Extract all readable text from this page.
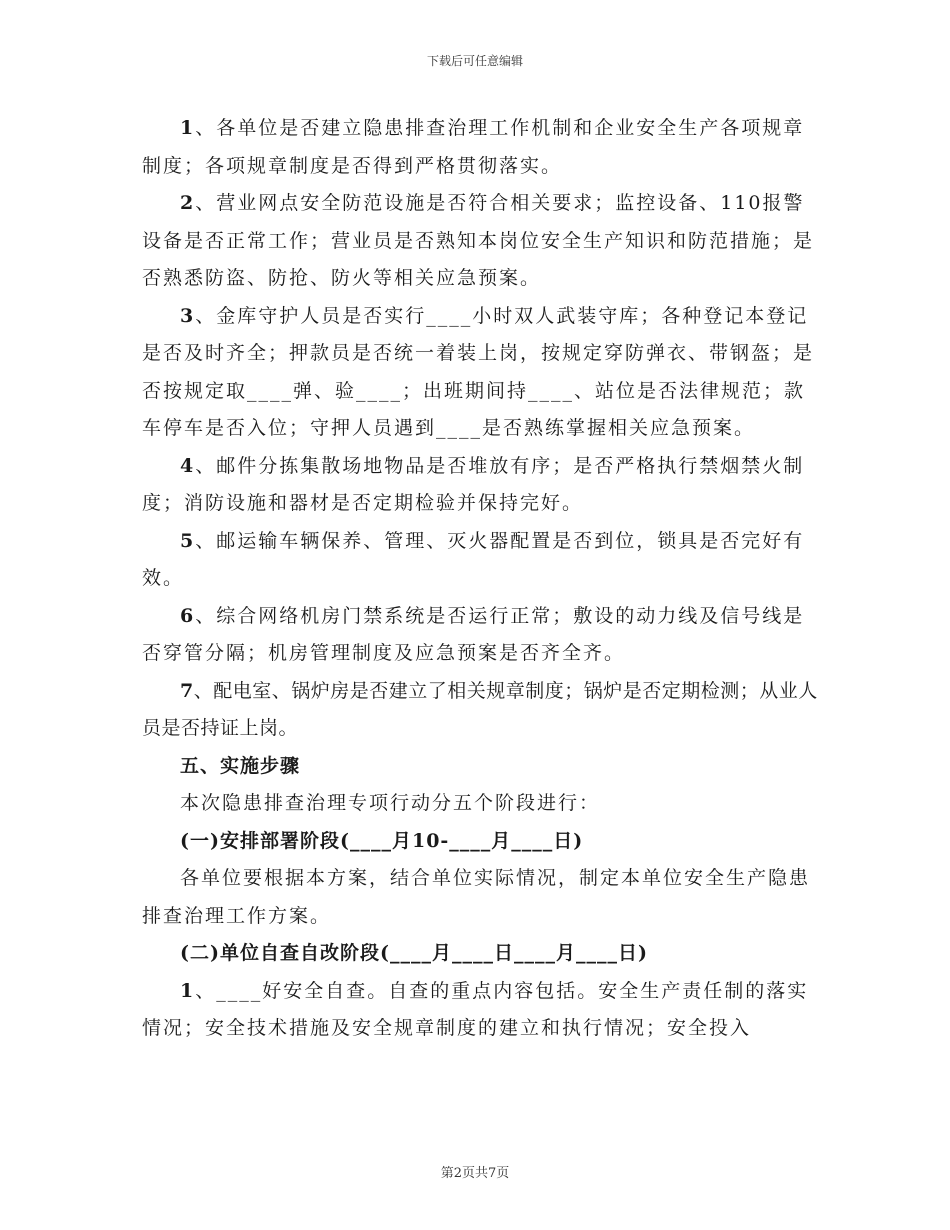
下载后可任意编辑

1、各单位是否建立隐患排查治理工作机制和企业安全生产各项规章制度；各项规章制度是否得到严格贯彻落实。

2、营业网点安全防范设施是否符合相关要求；监控设备、110报警设备是否正常工作；营业员是否熟知本岗位安全生产知识和防范措施；是否熟悉防盗、防抢、防火等相关应急预案。

3、金库守护人员是否实行____小时双人武装守库；各种登记本登记是否及时齐全；押款员是否统一着装上岗，按规定穿防弹衣、带钢盔；是否按规定取____弹、验____；出班期间持____、站位是否法律规范；款车停车是否入位；守押人员遇到____是否熟练掌握相关应急预案。

4、邮件分拣集散场地物品是否堆放有序；是否严格执行禁烟禁火制度；消防设施和器材是否定期检验并保持完好。

5、邮运输车辆保养、管理、灭火器配置是否到位，锁具是否完好有效。

6、综合网络机房门禁系统是否运行正常；敷设的动力线及信号线是否穿管分隔；机房管理制度及应急预案是否齐全齐。

7、配电室、锅炉房是否建立了相关规章制度；锅炉是否定期检测；从业人员是否持证上岗。

五、实施步骤

本次隐患排查治理专项行动分五个阶段进行：

(一)安排部署阶段(____月10-____月____日)

各单位要根据本方案，结合单位实际情况，制定本单位安全生产隐患排查治理工作方案。

(二)单位自查自改阶段(____月____日____月____日)

1、____好安全自查。自查的重点内容包括。安全生产责任制的落实情况；安全技术措施及安全规章制度的建立和执行情况；安全投入

第2页共7页
